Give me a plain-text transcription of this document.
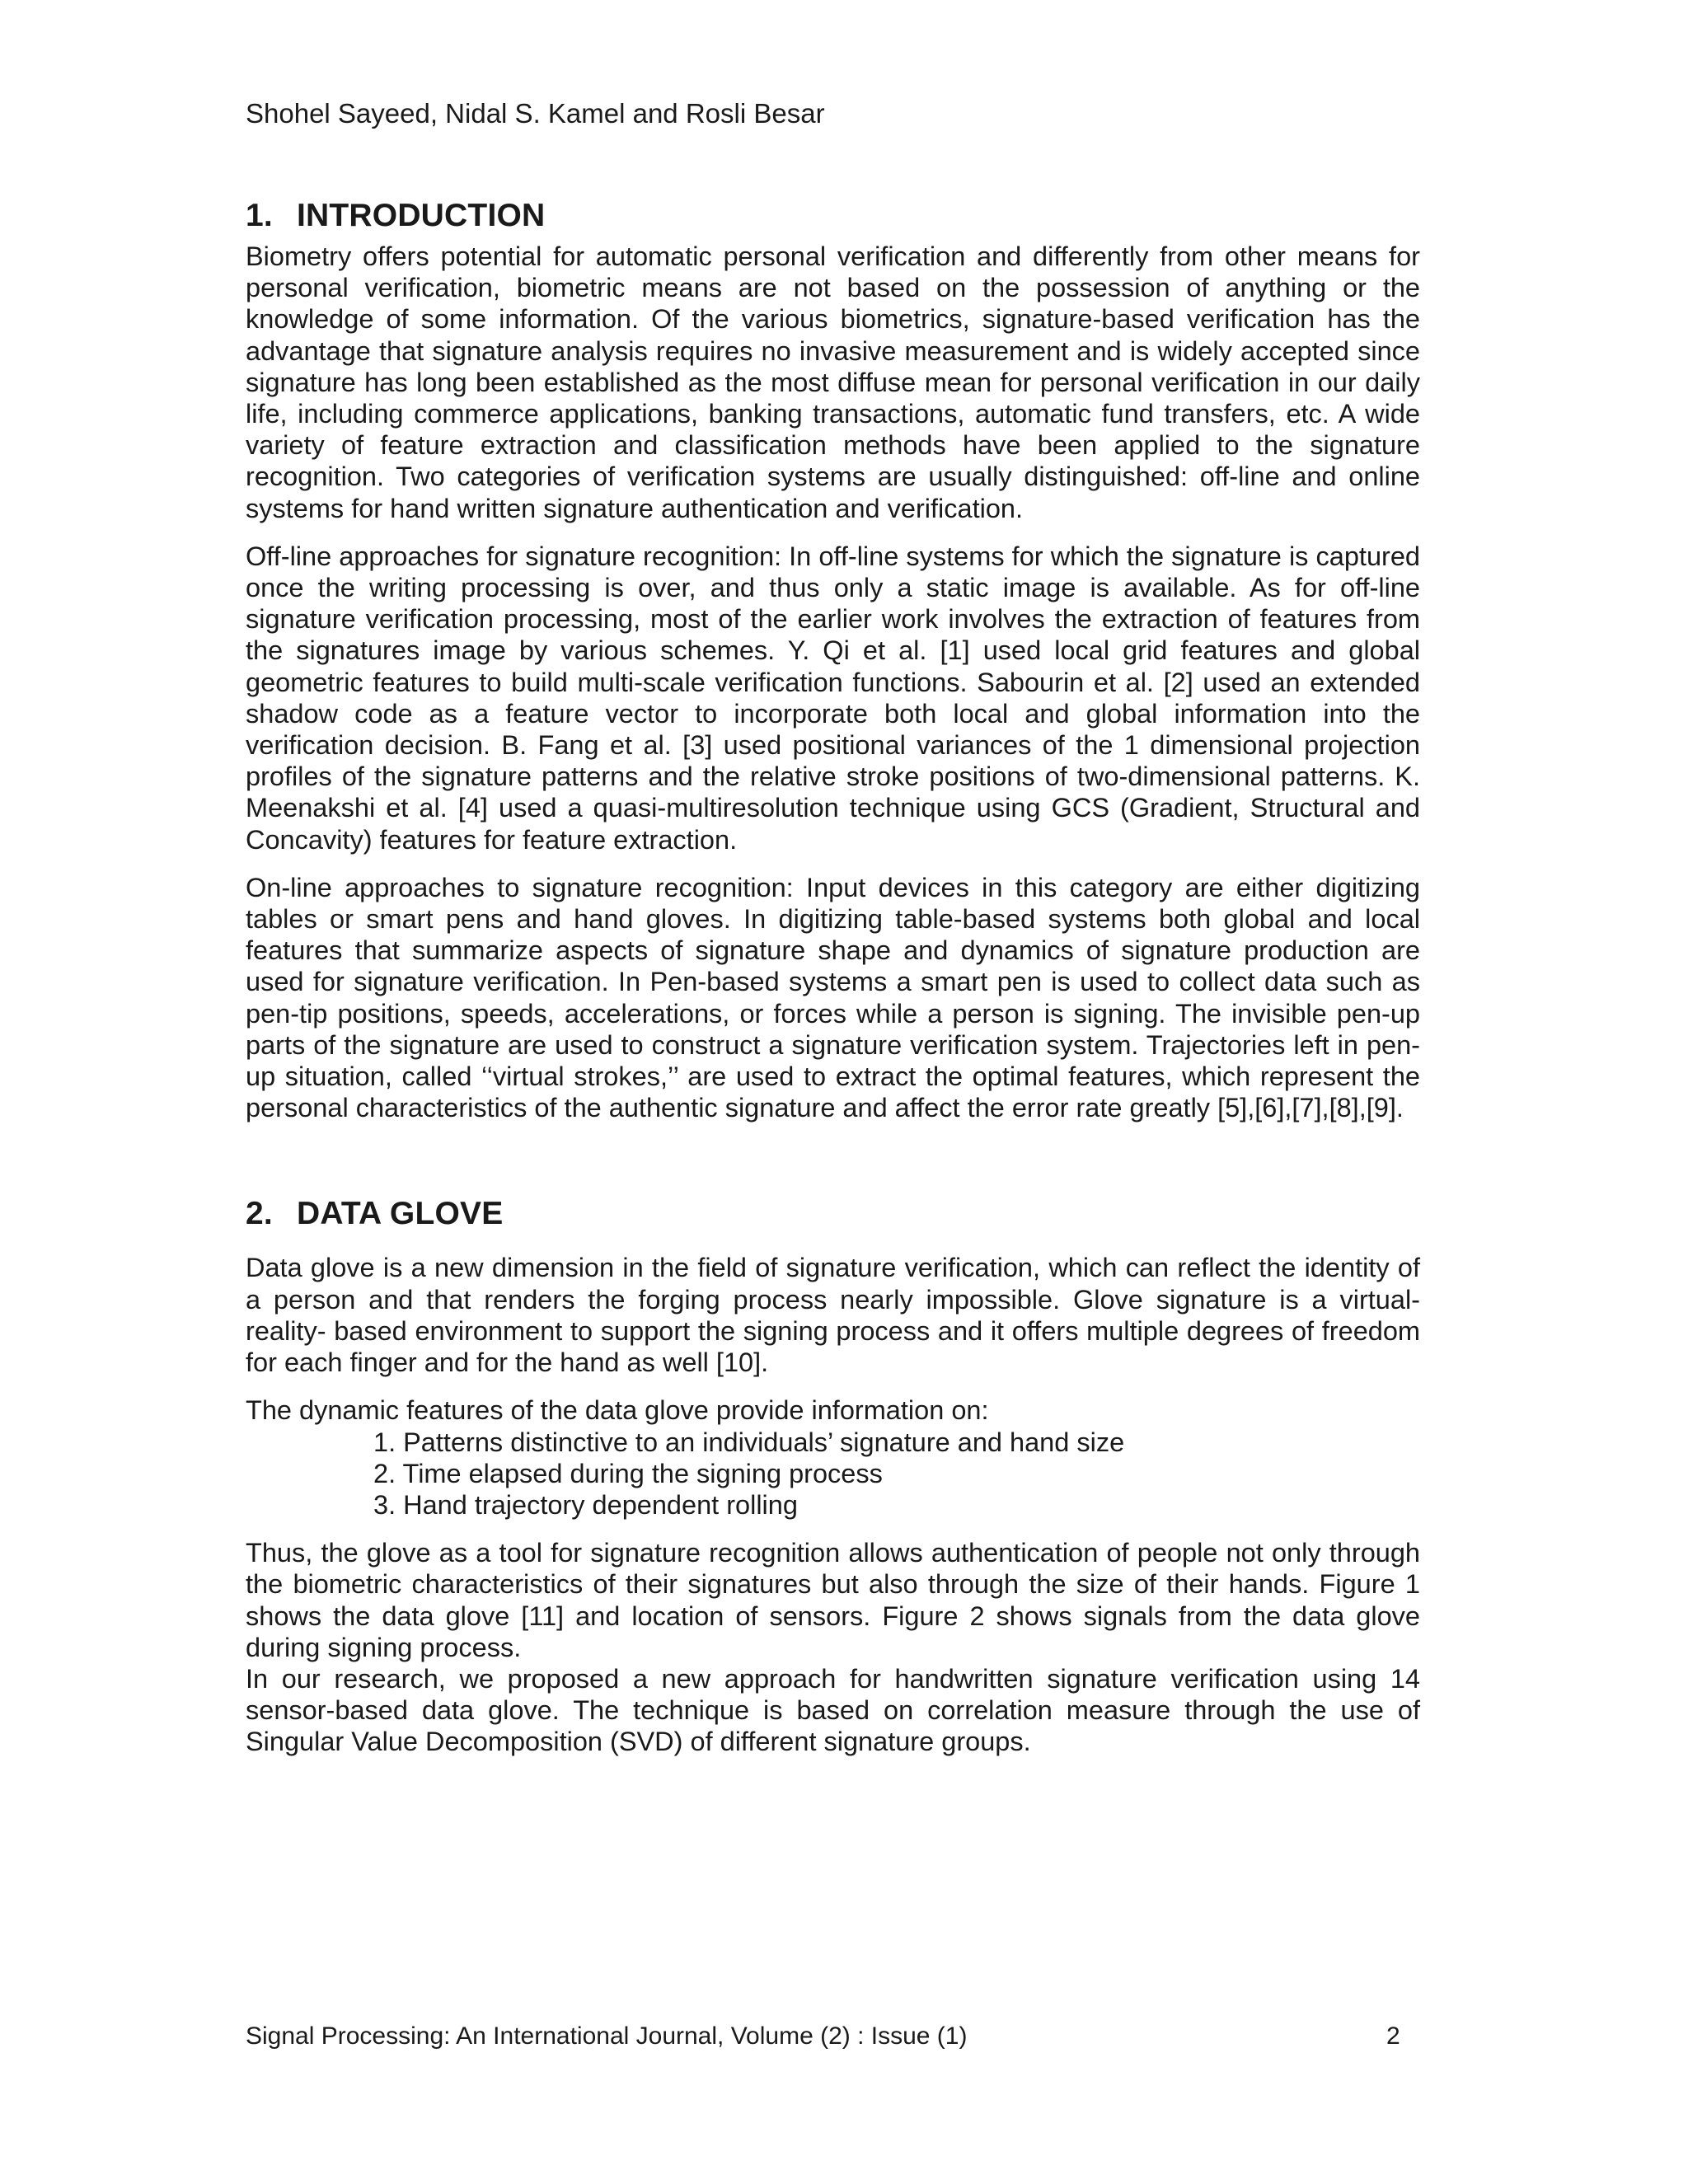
Shohel Sayeed, Nidal S. Kamel and Rosli Besar
1. INTRODUCTION

Biometry offers potential for automatic personal verification and differently from other means for personal verification, biometric means are not based on the possession of anything or the knowledge of some information. Of the various biometrics, signature-based verification has the advantage that signature analysis requires no invasive measurement and is widely accepted since signature has long been established as the most diffuse mean for personal verification in our daily life, including commerce applications, banking transactions, automatic fund transfers, etc. A wide variety of feature extraction and classification methods have been applied to the signature recognition. Two categories of verification systems are usually distinguished: off-line and online systems for hand written signature authentication and verification.

Off-line approaches for signature recognition: In off-line systems for which the signature is captured once the writing processing is over, and thus only a static image is available. As for off-line signature verification processing, most of the earlier work involves the extraction of features from the signatures image by various schemes. Y. Qi et al. [1] used local grid features and global geometric features to build multi-scale verification functions. Sabourin et al. [2] used an extended shadow code as a feature vector to incorporate both local and global information into the verification decision. B. Fang et al. [3] used positional variances of the 1 dimensional projection profiles of the signature patterns and the relative stroke positions of two-dimensional patterns. K. Meenakshi et al. [4] used a quasi-multiresolution technique using GCS (Gradient, Structural and Concavity) features for feature extraction.

On-line approaches to signature recognition: Input devices in this category are either digitizing tables or smart pens and hand gloves. In digitizing table-based systems both global and local features that summarize aspects of signature shape and dynamics of signature production are used for signature verification. In Pen-based systems a smart pen is used to collect data such as pen-tip positions, speeds, accelerations, or forces while a person is signing. The invisible pen-up parts of the signature are used to construct a signature verification system. Trajectories left in pen-up situation, called ‘‘virtual strokes,’’ are used to extract the optimal features, which represent the personal characteristics of the authentic signature and affect the error rate greatly [5],[6],[7],[8],[9].

2. DATA GLOVE

Data glove is a new dimension in the field of signature verification, which can reflect the identity of a person and that renders the forging process nearly impossible. Glove signature is a virtual-reality- based environment to support the signing process and it offers multiple degrees of freedom for each finger and for the hand as well [10].

The dynamic features of the data glove provide information on:

1. Patterns distinctive to an individuals’ signature and hand size
2. Time elapsed during the signing process
3. Hand trajectory dependent rolling

Thus, the glove as a tool for signature recognition allows authentication of people not only through the biometric characteristics of their signatures but also through the size of their hands. Figure 1 shows the data glove [11] and location of sensors. Figure 2 shows signals from the data glove during signing process.

In our research, we proposed a new approach for handwritten signature verification using 14 sensor-based data glove. The technique is based on correlation measure through the use of Singular Value Decomposition (SVD) of different signature groups.

Signal Processing: An International Journal, Volume (2) : Issue (1)	2
